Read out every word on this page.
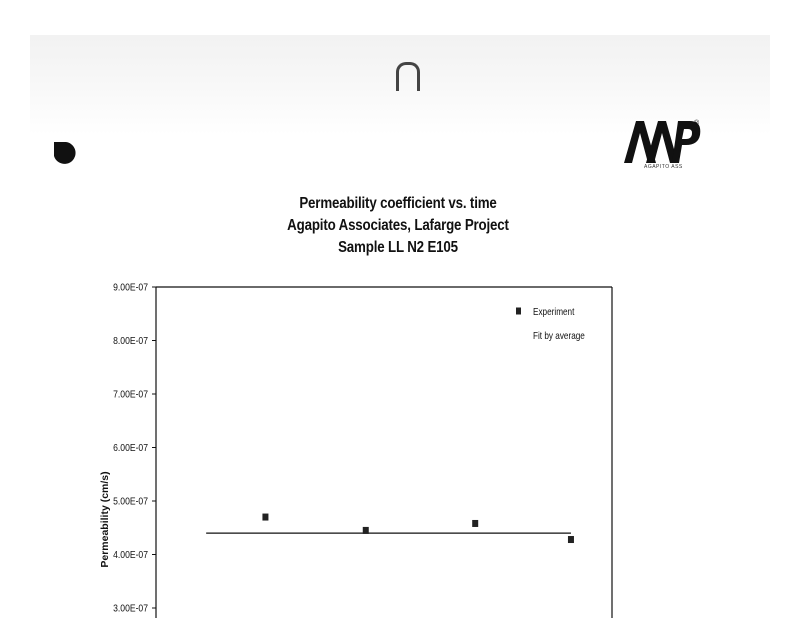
®
AGAPITO ASS
Permeability coefficient vs. time
Agapito Associates, Lafarge Project
Sample LL N2 E105
9.00E-07
8.00E-07
7.00E-07
6.00E-07
5.00E-07
4.00E-07
3.00E-07
Permeability (cm/s)
Experiment
Fit by average
